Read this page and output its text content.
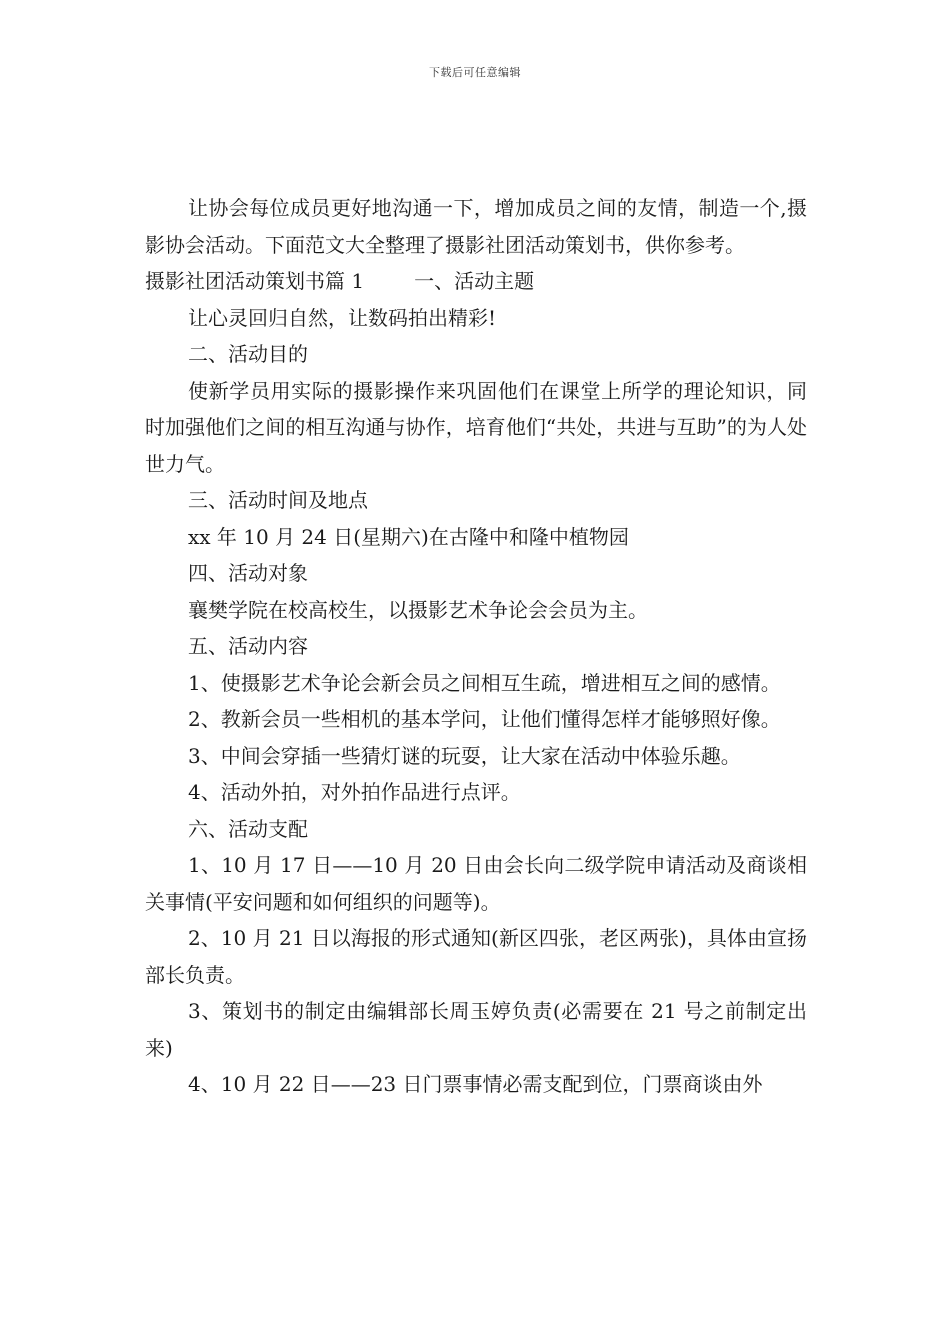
下载后可任意编辑

让协会每位成员更好地沟通一下，增加成员之间的友情，制造一个,摄影协会活动。下面范文大全整理了摄影社团活动策划书，供你参考。

摄影社团活动策划书篇 1	一、活动主题

让心灵回归自然，让数码拍出精彩!

二、活动目的

使新学员用实际的摄影操作来巩固他们在课堂上所学的理论知识，同时加强他们之间的相互沟通与协作，培育他们“共处，共进与互助”的为人处世力气。

三、活动时间及地点

xx 年 10 月 24 日(星期六)在古隆中和隆中植物园

四、活动对象

襄樊学院在校高校生，以摄影艺术争论会会员为主。

五、活动内容

1、使摄影艺术争论会新会员之间相互生疏，增进相互之间的感情。

2、教新会员一些相机的基本学问，让他们懂得怎样才能够照好像。

3、中间会穿插一些猜灯谜的玩耍，让大家在活动中体验乐趣。

4、活动外拍，对外拍作品进行点评。

六、活动支配

1、10 月 17 日——10 月 20 日由会长向二级学院申请活动及商谈相关事情(平安问题和如何组织的问题等)。

2、10 月 21 日以海报的形式通知(新区四张，老区两张)，具体由宣扬部长负责。

3、策划书的制定由编辑部长周玉婷负责(必需要在 21 号之前制定出来)

4、10 月 22 日——23 日门票事情必需支配到位，门票商谈由外
